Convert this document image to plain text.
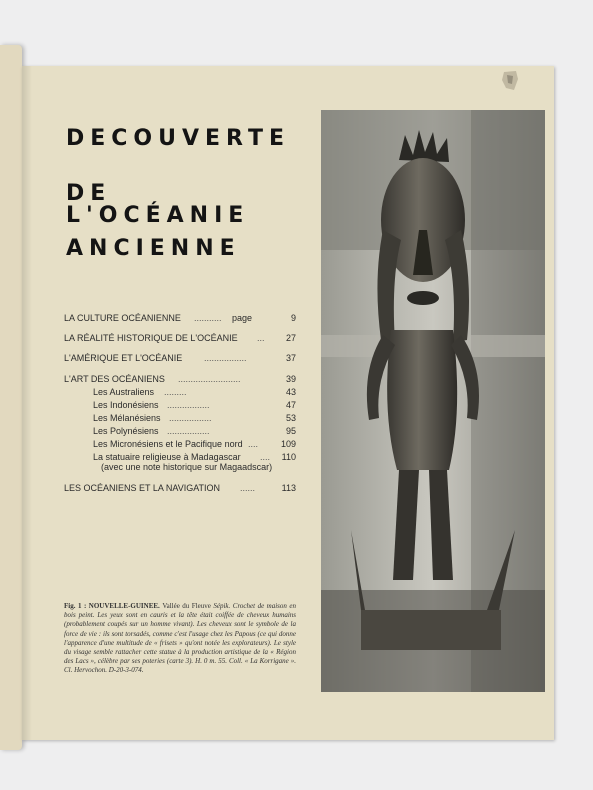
DECOUVERTE
DE L'OCÉANIE
ANCIENNE
LA CULTURE OCÉANIENNE ........... page	9
LA RÉALITÉ HISTORIQUE DE L'OCÉANIE ... 27
L'AMÉRIQUE ET L'OCÉANIE .................	37
L'ART DES OCÉANIENS .........................	39
Les Australiens .........	43
Les Indonésiens .................	47
Les Mélanésiens .................	53
Les Polynésiens .................	95
Les Micronésiens et le Pacifique nord ....	109
La statuaire religieuse à Madagascar .... 110
(avec une note historique sur Magaadscar)
LES OCÉANIENS ET LA NAVIGATION ......	113
Fig. 1 : NOUVELLE-GUINEE. Vallée du Fleuve Sépik. Crochet de maison en bois peint. Les yeux sont en cauris et la tête était coiffée de cheveux humains (probablement coupés sur un homme vivant). Les cheveux sont le symbole de la force de vie : ils sont torsadés, comme c'est l'usage chez les Papous (ce qui donne l'apparence d'une multitude de « frisets » qu'ont notée les explorateurs). Le style du visage semble rattacher cette statue à la production artistique de la « Région des Lacs », célèbre par ses poteries (carte 3). H. 0 m. 55. Coll. « La Korrigane ». Cl. Hervochon. D-20-3-074.
